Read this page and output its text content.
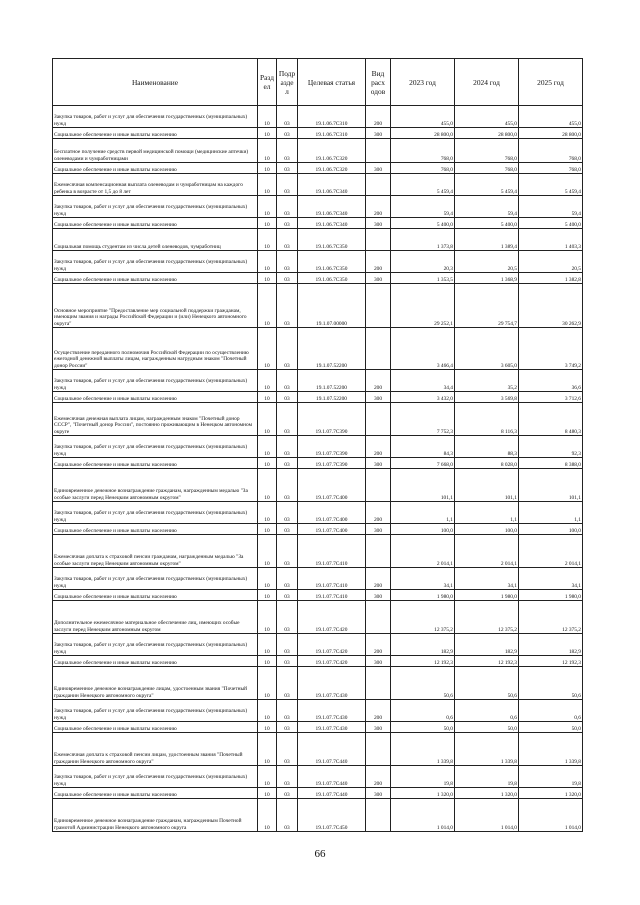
Наименование	Разд ел	Подр азде л	Целевая статья	Вид расх одов	2023 год	2024 год	2025 год
Закупка товаров, работ и услуг для обеспечения государственных (муниципальных) нужд	10	03	19.1.06.7С310	200	455,0	455,0	455,0
Социальное обеспечение и иные выплаты населению	10	03	19.1.06.7С310	300	28 800,0	28 800,0	28 800,0
Бесплатное получение средств первой медицинской помощи (медицинские аптечки) оленеводами и чумработницами	10	03	19.1.06.7С320		768,0	768,0	768,0
Социальное обеспечение и иные выплаты населению	10	03	19.1.06.7С320	300	768,0	768,0	768,0
Ежемесячная компенсационная выплата оленеводам и чумработницам на каждого ребенка в возрасте от 1,5 до 8 лет	10	03	19.1.06.7С340		5 459,4	5 459,4	5 459,4
Закупка товаров, работ и услуг для обеспечения государственных (муниципальных) нужд	10	03	19.1.06.7С340	200	59,4	59,4	59,4
Социальное обеспечение и иные выплаты населению	10	03	19.1.06.7С340	300	5 400,0	5 400,0	5 400,0
Социальная помощь студентам из числа детей оленеводов, чумработниц	10	03	19.1.06.7С350		1 373,8	1 389,4	1 403,3
Закупка товаров, работ и услуг для обеспечения государственных (муниципальных) нужд	10	03	19.1.06.7С350	200	20,3	20,5	20,5
Социальное обеспечение и иные выплаты населению	10	03	19.1.06.7С350	300	1 353,5	1 368,9	1 382,8
Основное мероприятие "Предоставление мер социальной поддержки гражданам, имеющим звания и награды Российской Федерации и (или) Ненецкого автономного округа"	10	03	19.1.07.00000		29 252,1	29 754,7	30 262,9
Осуществление переданного полномочия Российской Федерации по осуществлению ежегодной денежной выплаты лицам, награжденным нагрудным знаком "Почетный донор России"	10	03	19.1.07.52200		3 466,4	3 605,0	3 749,2
Закупка товаров, работ и услуг для обеспечения государственных (муниципальных) нужд	10	03	19.1.07.52200	200	34,4	35,2	36,6
Социальное обеспечение и иные выплаты населению	10	03	19.1.07.52200	300	3 432,0	3 569,8	3 712,6
Ежемесячная денежная выплата лицам, награжденным знаком "Почетный донор СССР", "Почетный донор России", постоянно проживающим в Ненецком автономном округе	10	03	19.1.07.7С390		7 752,3	8 116,3	8 480,3
Закупка товаров, работ и услуг для обеспечения государственных (муниципальных) нужд	10	03	19.1.07.7С390	200	84,3	88,3	92,3
Социальное обеспечение и иные выплаты населению	10	03	19.1.07.7С390	300	7 668,0	8 028,0	8 388,0
Единовременное денежное вознаграждение гражданам, награжденным медалью "За особые заслуги перед Ненецким автономным округом"	10	03	19.1.07.7С400		101,1	101,1	101,1
Закупка товаров, работ и услуг для обеспечения государственных (муниципальных) нужд	10	03	19.1.07.7С400	200	1,1	1,1	1,1
Социальное обеспечение и иные выплаты населению	10	03	19.1.07.7С400	300	100,0	100,0	100,0
Ежемесячная доплата к страховой пенсии гражданам, награжденным медалью "За особые заслуги перед Ненецким автономным округом"	10	03	19.1.07.7С410		2 014,1	2 014,1	2 014,1
Закупка товаров, работ и услуг для обеспечения государственных (муниципальных) нужд	10	03	19.1.07.7С410	200	34,1	34,1	34,1
Социальное обеспечение и иные выплаты населению	10	03	19.1.07.7С410	300	1 980,0	1 980,0	1 980,0
Дополнительное ежемесячное материальное обеспечение лиц, имеющих особые заслуги перед Ненецким автономным округом	10	03	19.1.07.7С420		12 375,2	12 375,2	12 375,2
Закупка товаров, работ и услуг для обеспечения государственных (муниципальных) нужд	10	03	19.1.07.7С420	200	182,9	182,9	182,9
Социальное обеспечение и иные выплаты населению	10	03	19.1.07.7С420	300	12 192,3	12 192,3	12 192,3
Единовременное денежное вознаграждение лицам, удостоенным звания "Почетный гражданин Ненецкого автономного округа"	10	03	19.1.07.7С430		50,6	50,6	50,6
Закупка товаров, работ и услуг для обеспечения государственных (муниципальных) нужд	10	03	19.1.07.7С430	200	0,6	0,6	0,6
Социальное обеспечение и иные выплаты населению	10	03	19.1.07.7С430	300	50,0	50,0	50,0
Ежемесячная доплата к страховой пенсии лицам, удостоенным звания "Почетный гражданин Ненецкого автономного округа"	10	03	19.1.07.7С440		1 339,8	1 339,8	1 339,8
Закупка товаров, работ и услуг для обеспечения государственных (муниципальных) нужд	10	03	19.1.07.7С440	200	19,8	19,8	19,8
Социальное обеспечение и иные выплаты населению	10	03	19.1.07.7С440	300	1 320,0	1 320,0	1 320,0
Единовременное денежное вознаграждение гражданам, награжденным Почетной грамотой Администрации Ненецкого автономного округа	10	03	19.1.07.7С450		1 014,0	1 014,0	1 014,0
66
